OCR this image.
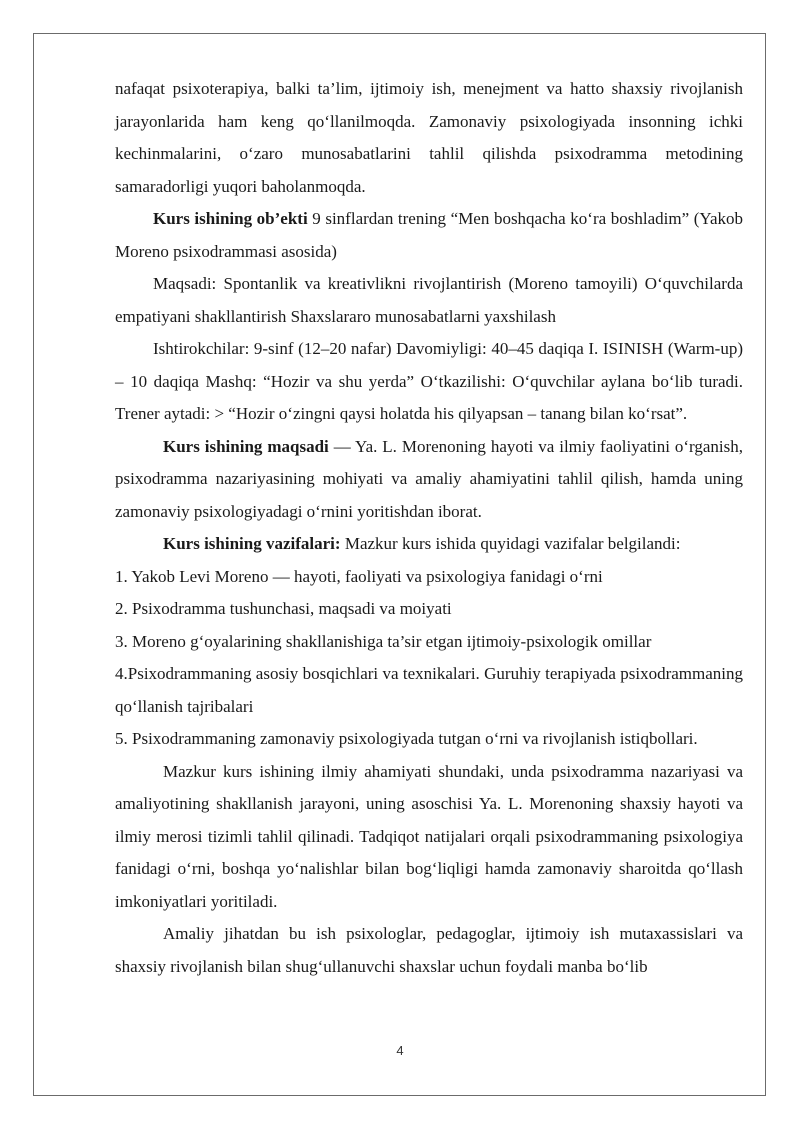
nafaqat psixoterapiya, balki ta’lim, ijtimoiy ish, menejment va hatto shaxsiy rivojlanish jarayonlarida ham keng qo‘llanilmoqda. Zamonaviy psixologiyada insonning ichki kechinmalarini, o‘zaro munosabatlarini tahlil qilishda psixodramma metodining samaradorligi yuqori baholanmoqda.

Kurs ishining ob’ekti 9 sinflardan trening “Men boshqacha ko‘ra boshladim” (Yakob Moreno psixodrammasi asosida)

Maqsadi: Spontanlik va kreativlikni rivojlantirish (Moreno tamoyili) O‘quvchilarda empatiyani shakllantirish Shaxslararo munosabatlarni yaxshilash

Ishtirokchilar: 9-sinf (12–20 nafar) Davomiyligi: 40–45 daqiqa I. ISINISH (Warm-up) – 10 daqiqa Mashq: “Hozir va shu yerda” O‘tkazilishi: O‘quvchilar aylana bo‘lib turadi. Trener aytadi: > “Hozir o‘zingni qaysi holatda his qilyapsan – tanang bilan ko‘rsat”.

Kurs ishining maqsadi — Ya. L. Morenoning hayoti va ilmiy faoliyatini o‘rganish, psixodramma nazariyasining mohiyati va amaliy ahamiyatini tahlil qilish, hamda uning zamonaviy psixologiyadagi o‘rnini yoritishdan iborat.

Kurs ishining vazifalari: Mazkur kurs ishida quyidagi vazifalar belgilandi:

1. Yakob Levi Moreno — hayoti, faoliyati va psixologiya fanidagi o‘rni

2. Psixodramma tushunchasi, maqsadi va moiyati

3. Moreno g‘oyalarining shakllanishiga ta’sir etgan ijtimoiy-psixologik omillar

4.Psixodrammaning asosiy bosqichlari va texnikalari. Guruhiy terapiyada psixodrammaning qo‘llanish tajribalari

5. Psixodrammaning zamonaviy psixologiyada tutgan o‘rni va rivojlanish istiqbollari.

Mazkur kurs ishining ilmiy ahamiyati shundaki, unda psixodramma nazariyasi va amaliyotining shakllanish jarayoni, uning asoschisi Ya. L. Morenoning shaxsiy hayoti va ilmiy merosi tizimli tahlil qilinadi. Tadqiqot natijalari orqali psixodrammaning psixologiya fanidagi o‘rni, boshqa yo‘nalishlar bilan bog‘liqligi hamda zamonaviy sharoitda qo‘llash imkoniyatlari yoritiladi.

Amaliy jihatdan bu ish psixologlar, pedagoglar, ijtimoiy ish mutaxassislari va shaxsiy rivojlanish bilan shug‘ullanuvchi shaxslar uchun foydali manba bo‘lib

4
